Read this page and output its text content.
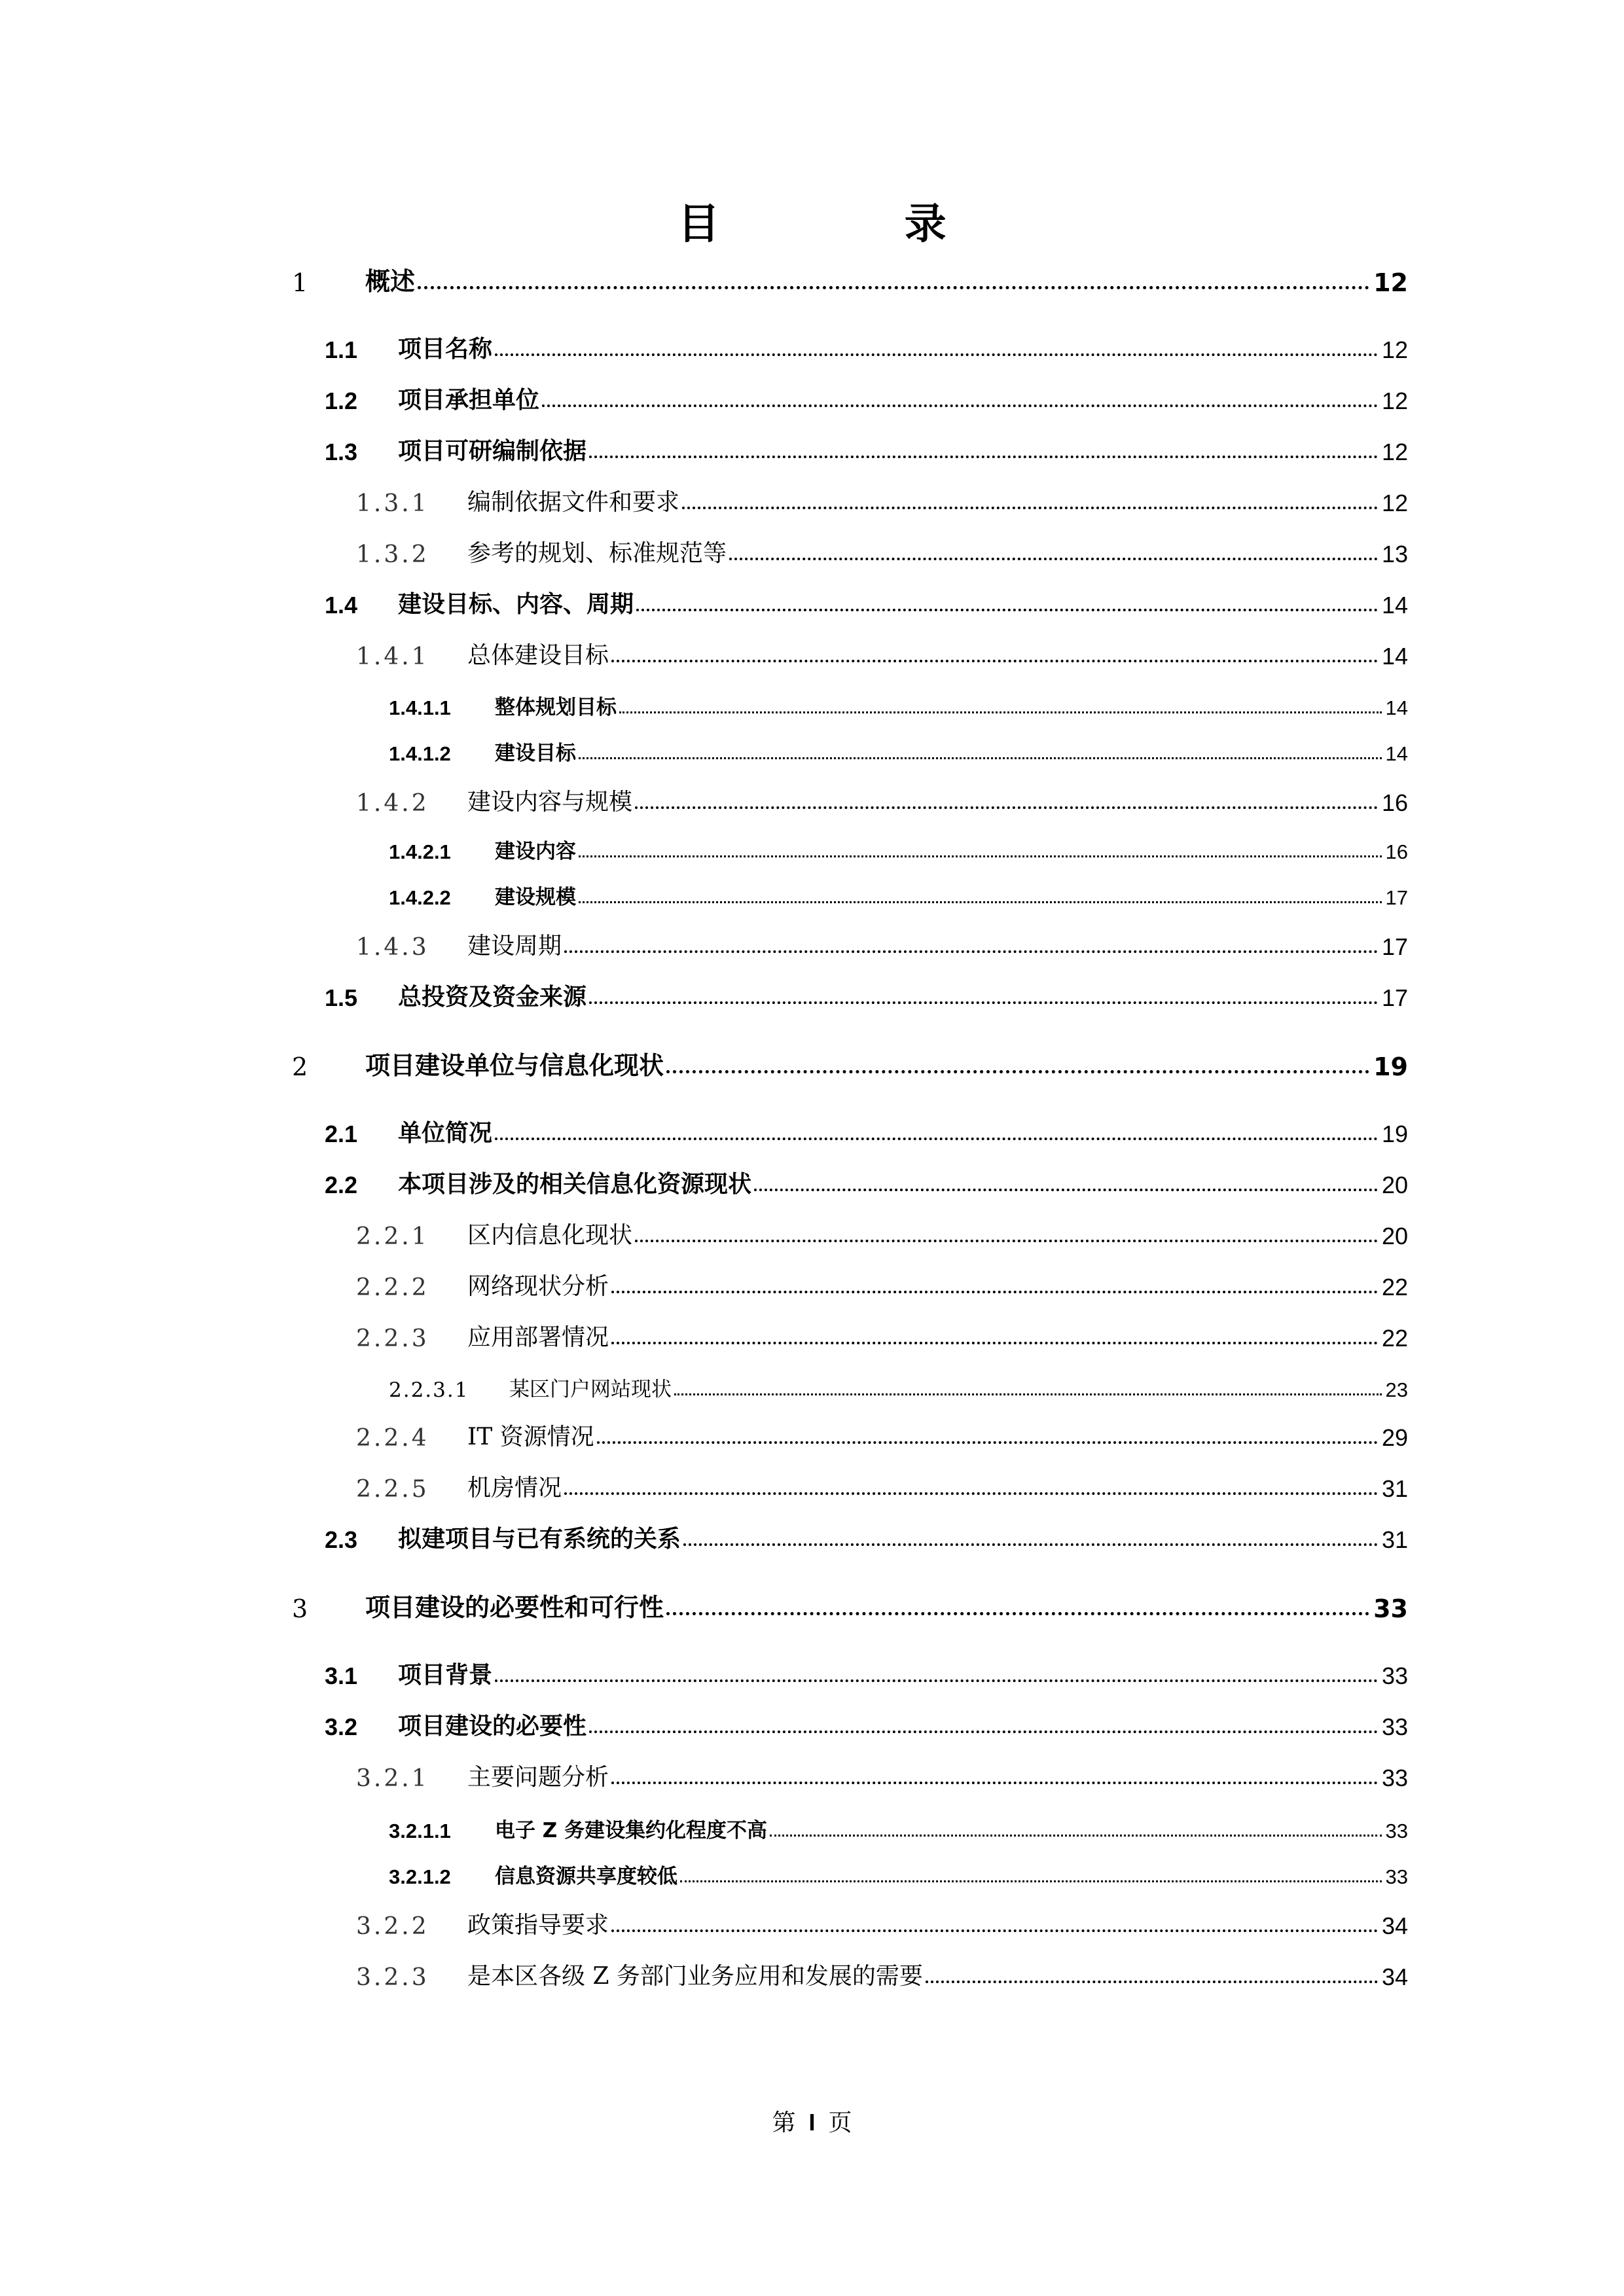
目 录
1	概述	12
1.1	项目名称	12
1.2	项目承担单位	12
1.3	项目可研编制依据	12
1.3.1	编制依据文件和要求	12
1.3.2	参考的规划、标准规范等	13
1.4	建设目标、内容、周期	14
1.4.1	总体建设目标	14
1.4.1.1	整体规划目标	14
1.4.1.2	建设目标	14
1.4.2	建设内容与规模	16
1.4.2.1	建设内容	16
1.4.2.2	建设规模	17
1.4.3	建设周期	17
1.5	总投资及资金来源	17
2	项目建设单位与信息化现状	19
2.1	单位简况	19
2.2	本项目涉及的相关信息化资源现状	20
2.2.1	区内信息化现状	20
2.2.2	网络现状分析	22
2.2.3	应用部署情况	22
2.2.3.1	某区门户网站现状	23
2.2.4	IT 资源情况	29
2.2.5	机房情况	31
2.3	拟建项目与已有系统的关系	31
3	项目建设的必要性和可行性	33
3.1	项目背景	33
3.2	项目建设的必要性	33
3.2.1	主要问题分析	33
3.2.1.1	电子 Z 务建设集约化程度不高	33
3.2.1.2	信息资源共享度较低	33
3.2.2	政策指导要求	34
3.2.3	是本区各级 Z 务部门业务应用和发展的需要	34
第 I 页
